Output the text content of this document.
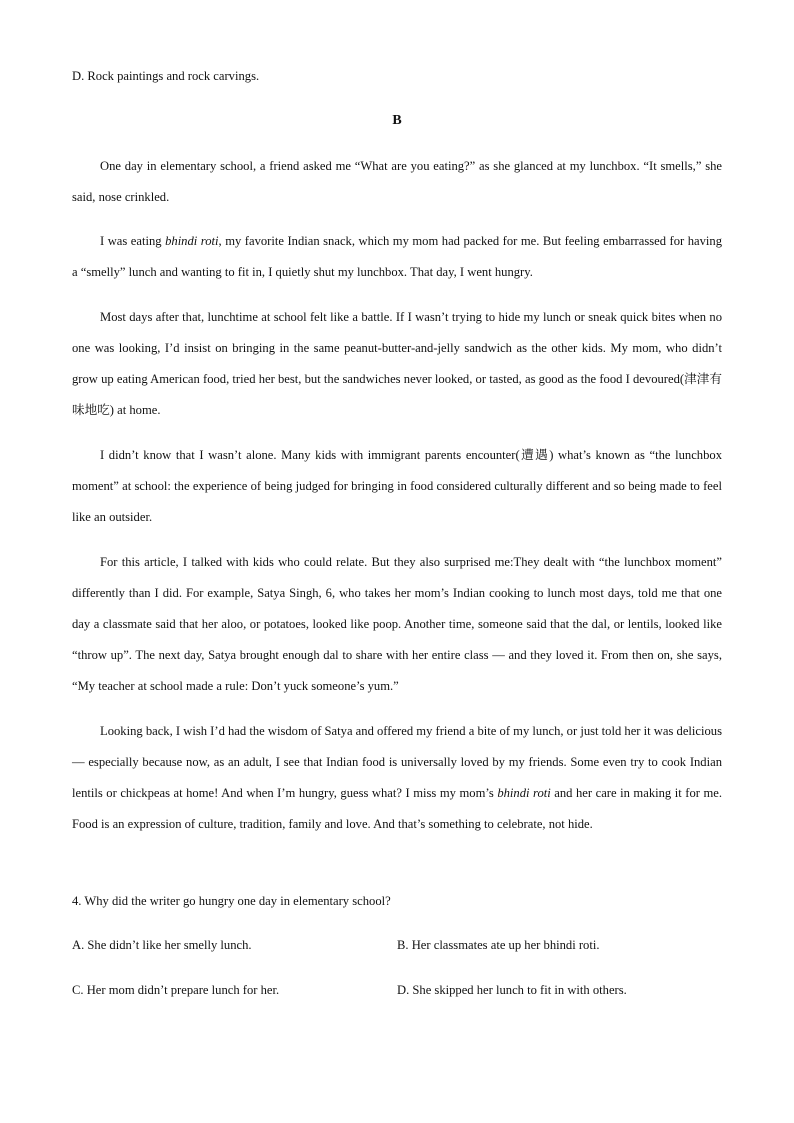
D. Rock paintings and rock carvings.

B

One day in elementary school, a friend asked me “What are you eating?” as she glanced at my lunchbox. “It smells,” she said, nose crinkled.

I was eating bhindi roti, my favorite Indian snack, which my mom had packed for me. But feeling embarrassed for having a “smelly” lunch and wanting to fit in, I quietly shut my lunchbox. That day, I went hungry.

Most days after that, lunchtime at school felt like a battle. If I wasn’t trying to hide my lunch or sneak quick bites when no one was looking, I’d insist on bringing in the same peanut-butter-and-jelly sandwich as the other kids. My mom, who didn’t grow up eating American food, tried her best, but the sandwiches never looked, or tasted, as good as the food I devoured(津津有味地吃) at home.

I didn’t know that I wasn’t alone. Many kids with immigrant parents encounter(遭遇) what’s known as “the lunchbox moment” at school: the experience of being judged for bringing in food considered culturally different and so being made to feel like an outsider.

For this article, I talked with kids who could relate. But they also surprised me:They dealt with “the lunchbox moment” differently than I did. For example, Satya Singh, 6, who takes her mom’s Indian cooking to lunch most days, told me that one day a classmate said that her aloo, or potatoes, looked like poop. Another time, someone said that the dal, or lentils, looked like “throw up”. The next day, Satya brought enough dal to share with her entire class — and they loved it. From then on, she says, “My teacher at school made a rule: Don’t yuck someone’s yum.”

Looking back, I wish I’d had the wisdom of Satya and offered my friend a bite of my lunch, or just told her it was delicious — especially because now, as an adult, I see that Indian food is universally loved by my friends. Some even try to cook Indian lentils or chickpeas at home! And when I’m hungry, guess what? I miss my mom’s bhindi roti and her care in making it for me. Food is an expression of culture, tradition, family and love. And that’s something to celebrate, not hide.

4. Why did the writer go hungry one day in elementary school?

A. She didn’t like her smelly lunch.	B. Her classmates ate up her bhindi roti.

C. Her mom didn’t prepare lunch for her.	D. She skipped her lunch to fit in with others.
